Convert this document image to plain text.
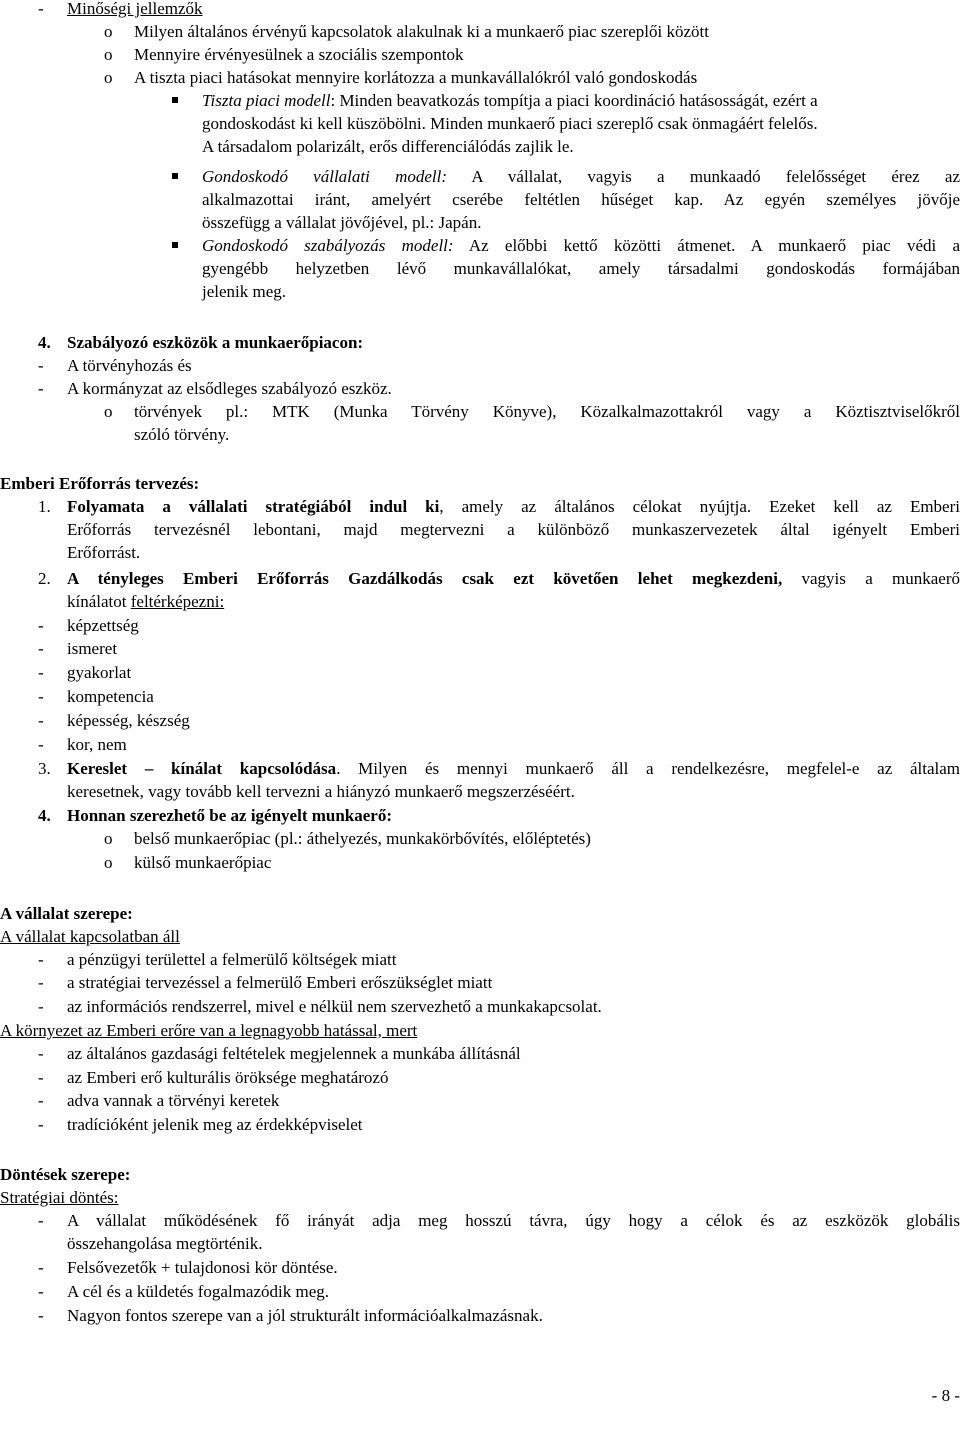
- Minőségi jellemzők
o Milyen általános érvényű kapcsolatok alakulnak ki a munkaerő piac szereplői között
o Mennyire érvényesülnek a szociális szempontok
o A tiszta piaci hatásokat mennyire korlátozza a munkavállalókról való gondoskodás
Tiszta piaci modell: Minden beavatkozás tompítja a piaci koordináció hatásosságát, ezért a
gondoskodást ki kell küszöbölni. Minden munkaerő piaci szereplő csak önmagáért felelős.
A társadalom polarizált, erős differenciálódás zajlik le.
Gondoskodó vállalati modell: A vállalat, vagyis a munkaadó felelősséget érez az
alkalmazottai iránt, amelyért cserébe feltétlen hűséget kap. Az egyén személyes jövője
összefügg a vállalat jövőjével, pl.: Japán.
Gondoskodó szabályozás modell: Az előbbi kettő közötti átmenet. A munkaerő piac védi a
gyengébb helyzetben lévő munkavállalókat, amely társadalmi gondoskodás formájában
jelenik meg.
4. Szabályozó eszközök a munkaerőpiacon:
- A törvényhozás és
- A kormányzat az elsődleges szabályozó eszköz.
o törvények pl.: MTK (Munka Törvény Könyve), Közalkalmazottakról vagy a Köztisztviselőkről
szóló törvény.
Emberi Erőforrás tervezés:
1. Folyamata a vállalati stratégiából indul ki, amely az általános célokat nyújtja. Ezeket kell az Emberi
Erőforrás tervezésnél lebontani, majd megtervezni a különböző munkaszervezetek által igényelt Emberi
Erőforrást.
2. A tényleges Emberi Erőforrás Gazdálkodás csak ezt követően lehet megkezdeni, vagyis a munkaerő
kínálatot feltérképezni:
- képzettség
- ismeret
- gyakorlat
- kompetencia
- képesség, készség
- kor, nem
3. Kereslet – kínálat kapcsolódása. Milyen és mennyi munkaerő áll a rendelkezésre, megfelel-e az általam
keresetnek, vagy tovább kell tervezni a hiányzó munkaerő megszerzéséért.
4. Honnan szerezhető be az igényelt munkaerő:
o belső munkaerőpiac (pl.: áthelyezés, munkakörbővítés, előléptetés)
o külső munkaerőpiac
A vállalat szerepe:
A vállalat kapcsolatban áll
- a pénzügyi területtel a felmerülő költségek miatt
- a stratégiai tervezéssel a felmerülő Emberi erőszükséglet miatt
- az információs rendszerrel, mivel e nélkül nem szervezhető a munkakapcsolat.
A környezet az Emberi erőre van a legnagyobb hatással, mert
- az általános gazdasági feltételek megjelennek a munkába állításnál
- az Emberi erő kulturális öröksége meghatározó
- adva vannak a törvényi keretek
- tradícióként jelenik meg az érdekképviselet
Döntések szerepe:
Stratégiai döntés:
- A vállalat működésének fő irányát adja meg hosszú távra, úgy hogy a célok és az eszközök globális
összehangolása megtörténik.
- Felsővezetők + tulajdonosi kör döntése.
- A cél és a küldetés fogalmazódik meg.
- Nagyon fontos szerepe van a jól strukturált információalkalmazásnak.
- 8 -
